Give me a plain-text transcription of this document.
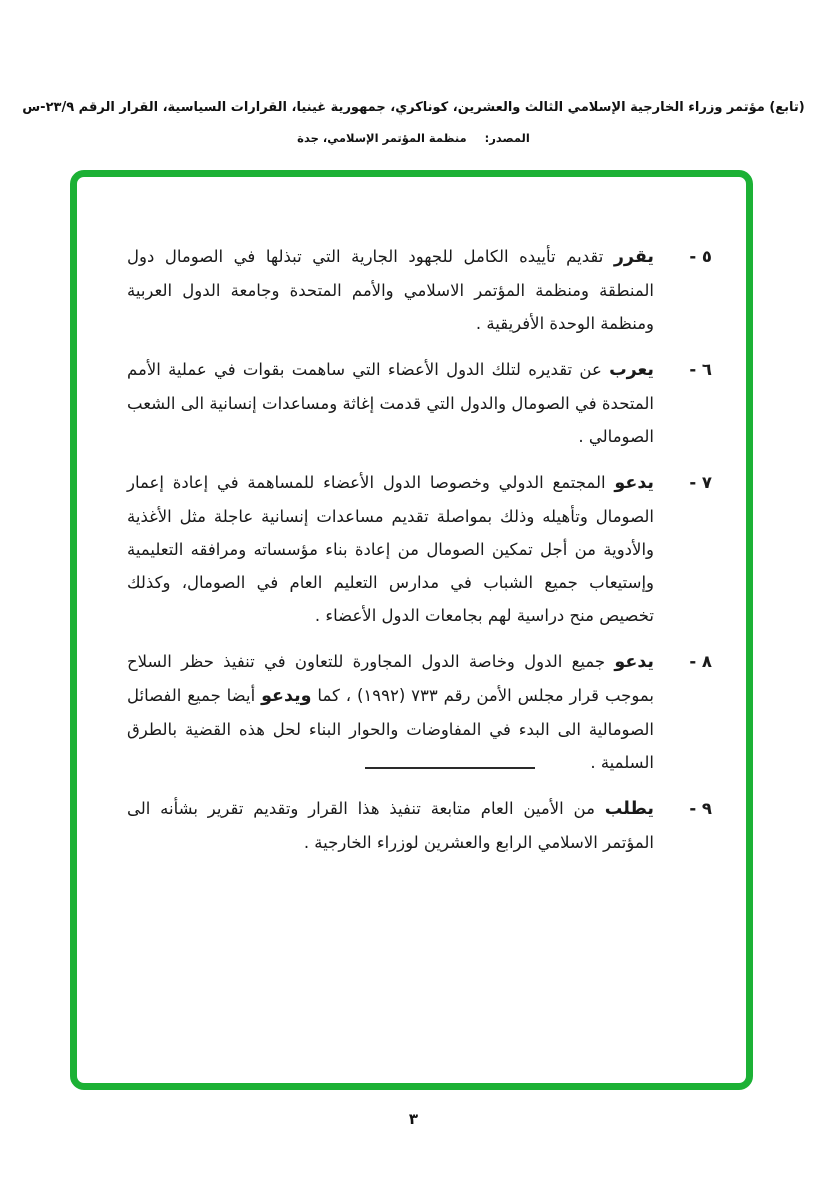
(تابع) مؤتمر وزراء الخارجية الإسلامي الثالث والعشرين، كوناكري، جمهورية غينيا، القرارات السياسية، القرار الرقم ٢٣/٩-س
المصدر: منظمة المؤتمر الإسلامي، جدة
٥ -
يقرر تقديم تأييده الكامل للجهود الجارية التي تبذلها في الصومال دول المنطقة ومنظمة المؤتمر الاسلامي والأمم المتحدة وجامعة الدول العربية ومنظمة الوحدة الأفريقية .
٦ -
يعرب عن تقديره لتلك الدول الأعضاء التي ساهمت بقوات في عملية الأمم المتحدة في الصومال والدول التي قدمت إغاثة ومساعدات إنسانية الى الشعب الصومالي .
٧ -
يدعو المجتمع الدولي وخصوصا الدول الأعضاء للمساهمة في إعادة إعمار الصومال وتأهيله وذلك بمواصلة تقديم مساعدات إنسانية عاجلة مثل الأغذية والأدوية من أجل تمكين الصومال من إعادة بناء مؤسساته ومرافقه التعليمية وإستيعاب جميع الشباب في مدارس التعليم العام في الصومال، وكذلك تخصيص منح دراسية لهم بجامعات الدول الأعضاء .
٨ -
يدعو جميع الدول وخاصة الدول المجاورة للتعاون في تنفيذ حظر السلاح بموجب قرار مجلس الأمن رقم ٧٣٣ (١٩٩٢) ، كما ويدعو أيضا جميع الفصائل الصومالية الى البدء في المفاوضات والحوار البناء لحل هذه القضية بالطرق السلمية .
٩ -
يطلب من الأمين العام متابعة تنفيذ هذا القرار وتقديم تقرير بشأنه الى المؤتمر الاسلامي الرابع والعشرين لوزراء الخارجية .
٣
